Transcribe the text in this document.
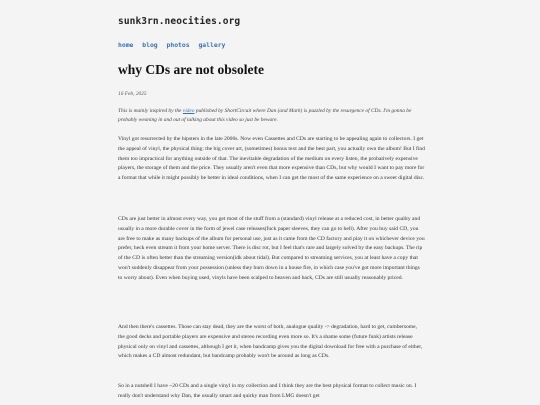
sunk3rn.neocities.org
home blog photos gallery
why CDs are not obsolete
16 Feb, 2025

This is mainly inspired by the video published by ShortCircuit where Dan (and Mark) is puzzled by the resurgence of CDs. I'm gonna be probably weaning in and out of talking about this video so just be beware.

Vinyl got resurrected by the hipsters in the late 2000s. Now even Cassettes and CDs are starting to be appealing again to collectors. I get the appeal of vinyl, the physical thing: the big cover art, (sometimes) bonus text and the best part, you actually own the album! But I find them too impractical for anything outside of that. The inevitable degradation of the medium on every listen, the probatively expensive players, the storage of them and the price. They usually aren't even that more expensive than CDs, but why would I want to pay more for a format that while it might possibly be better in ideal conditions, when I can get the most of the same experience on a sweet digital disc.

CDs are just better in almost every way, you get most of the stuff from a (standard) vinyl release at a reduced cost, in better quality and usually in a more durable cover in the form of jewel case releases(fuck paper sleeves, they can go to hell). After you buy said CD, you are free to make as many backups of the album for personal use, just as it came from the CD factory and play it on whichever device you prefer, heck even stream it from your home server. There is disc rot, but I feel that's rare and largely solved by the easy backups. The rip of the CD is often better than the streaming version(idk about tidal). But compared to streaming services, you at least have a copy that won't suddenly disappear from your possession (unless they burn down in a house fire, in which case you've got more important things to worry about). Even when buying used, vinyls have been scalped to heaven and back, CDs are still usually reasonably priced.

And then there's cassettes. Those can stay dead, they are the worst of both, analogue quality -> degradation, hard to get, cumbersome, the good decks and portable players are expensive and stereo recording even more so. It's a shame some (future funk) artists release physical only on vinyl and cassettes, although I get it, when bandcamp gives you the digital download for free with a purchase of either, which makes a CD almost redundant, but bandcamp probably won't be around as long as CDs.

So in a nutshell I have ~20 CDs and a single vinyl in my collection and I think they are the best physical format to collect music on. I really don't understand why Dan, the usually smart and quirky man from LMG doesn't get
